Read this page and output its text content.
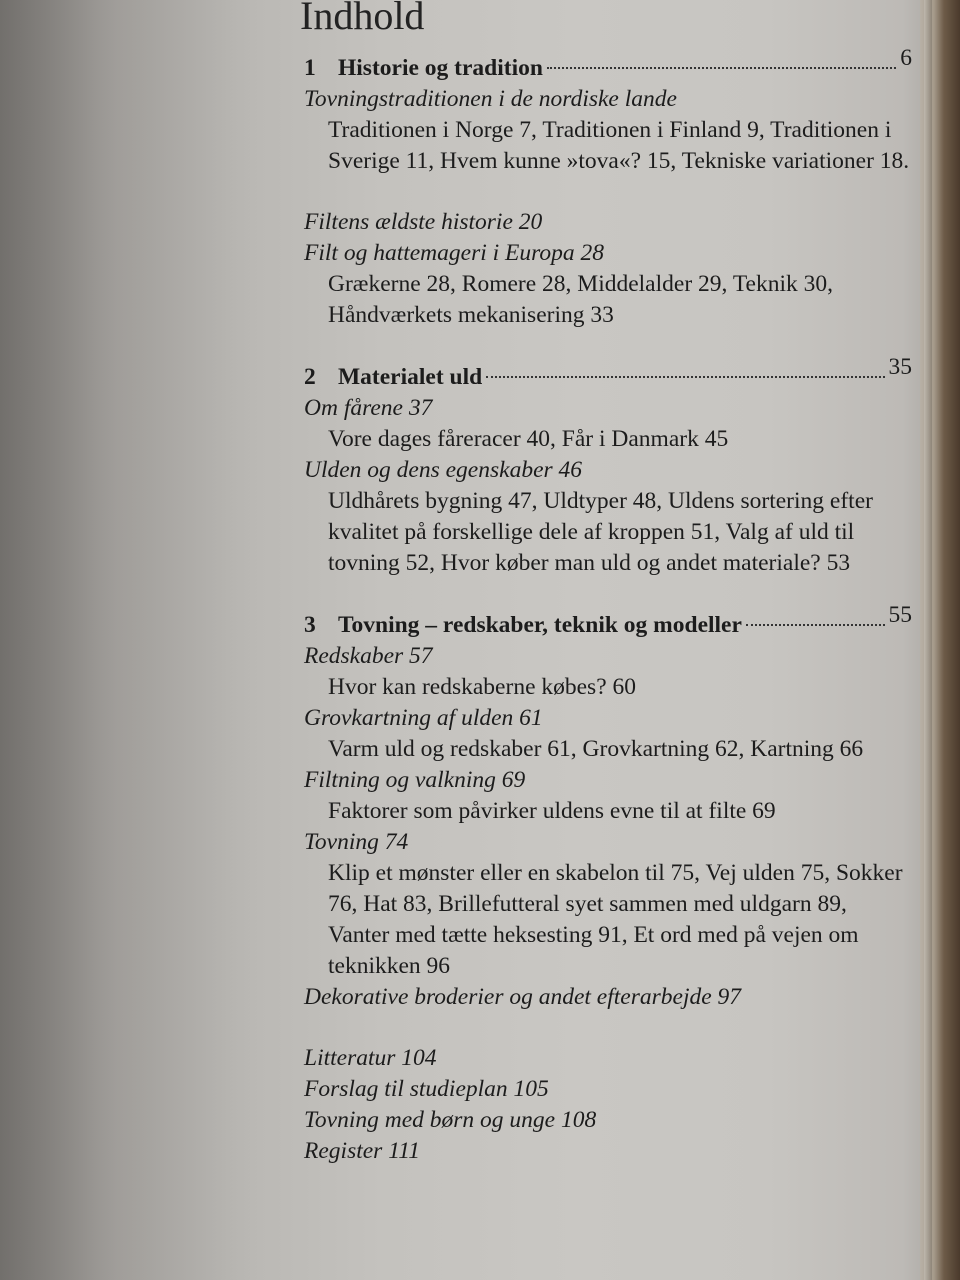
Indhold
1 Historie og tradition	6
Tovningstraditionen i de nordiske lande

Traditionen i Norge 7, Traditionen i Finland 9, Traditionen i Sverige 11, Hvem kunne »tova«? 15, Tekniske variationer 18.

Filtens ældste historie 20
Filt og hattemageri i Europa 28

Grækerne 28, Romere 28, Middelalder 29, Teknik 30, Håndværkets mekanisering 33

2 Materialet uld	35
Om fårene 37

Vore dages fåreracer 40, Får i Danmark 45

Ulden og dens egenskaber 46

Uldhårets bygning 47, Uldtyper 48, Uldens sortering efter kvalitet på forskellige dele af kroppen 51, Valg af uld til tovning 52, Hvor køber man uld og andet materiale? 53

3 Tovning – redskaber, teknik og modeller	55
Redskaber 57

Hvor kan redskaberne købes? 60

Grovkartning af ulden 61

Varm uld og redskaber 61, Grovkartning 62, Kartning 66

Filtning og valkning 69

Faktorer som påvirker uldens evne til at filte 69

Tovning 74

Klip et mønster eller en skabelon til 75, Vej ulden 75, Sokker 76, Hat 83, Brillefutteral syet sammen med uldgarn 89, Vanter med tætte heksesting 91, Et ord med på vejen om teknikken 96

Dekorative broderier og andet efterarbejde 97
Litteratur 104
Forslag til studieplan 105
Tovning med børn og unge 108
Register 111
